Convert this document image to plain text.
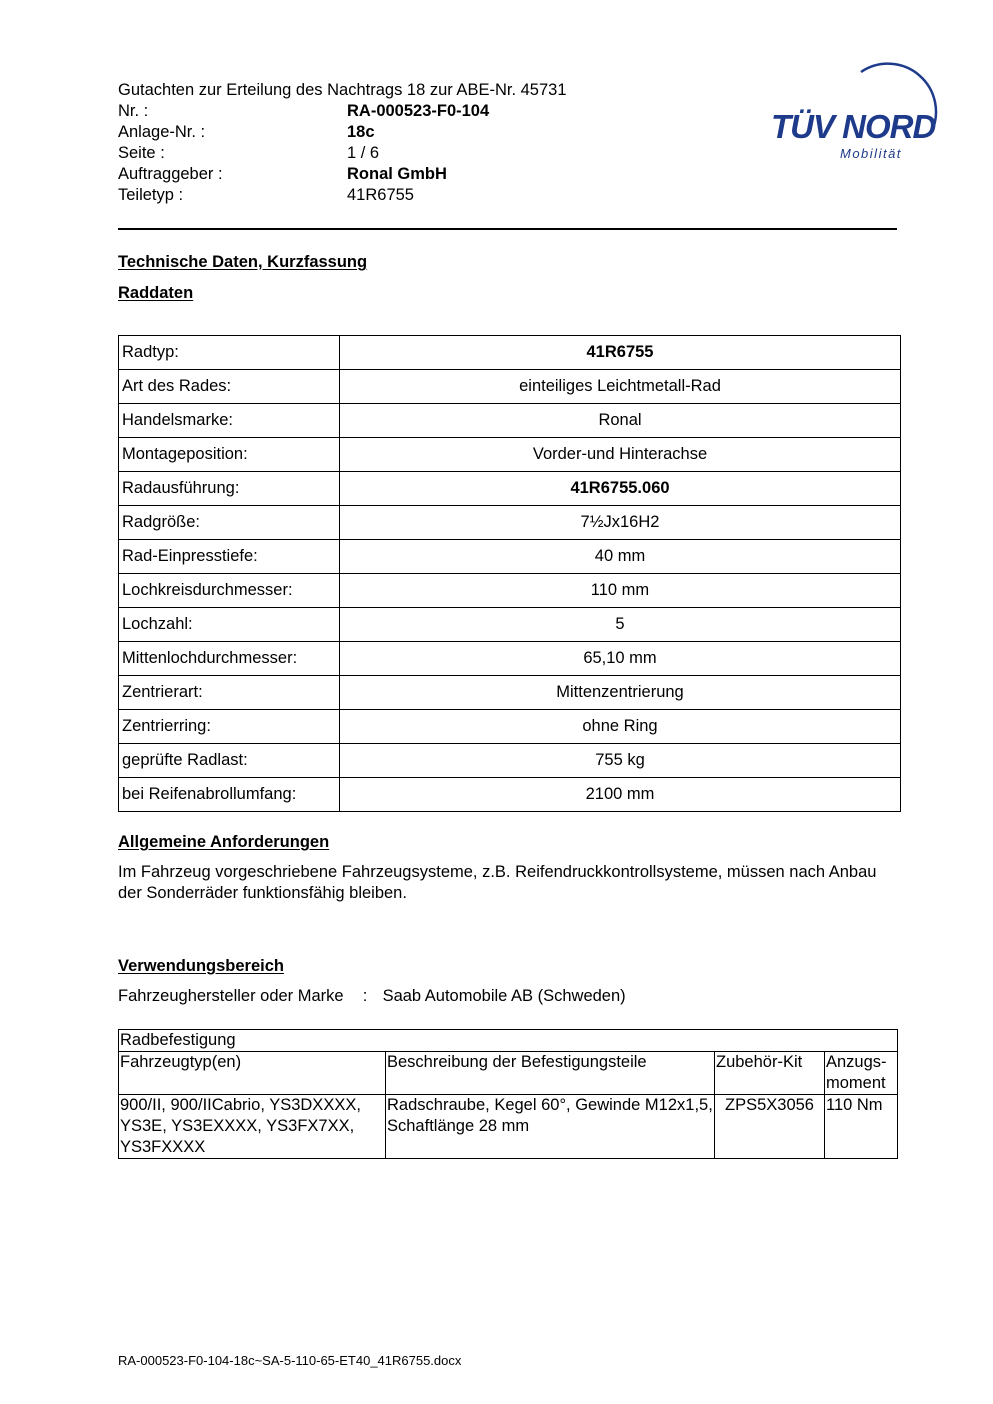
Gutachten zur Erteilung des Nachtrags 18 zur ABE-Nr. 45731
Nr. :	RA-000523-F0-104
Anlage-Nr. :	18c
Seite :	1 / 6
Auftraggeber :	Ronal GmbH
Teiletyp :	41R6755
TÜV NORD
Mobilität
Technische Daten, Kurzfassung
Raddaten
Radtyp:	41R6755
Art des Rades:	einteiliges Leichtmetall-Rad
Handelsmarke:	Ronal
Montageposition:	Vorder-und Hinterachse
Radausführung:	41R6755.060
Radgröße:	7½Jx16H2
Rad-Einpresstiefe:	40 mm
Lochkreisdurchmesser:	110 mm
Lochzahl:	5
Mittenlochdurchmesser:	65,10 mm
Zentrierart:	Mittenzentrierung
Zentrierring:	ohne Ring
geprüfte Radlast:	755 kg
bei Reifenabrollumfang:	2100 mm
Allgemeine Anforderungen

Im Fahrzeug vorgeschriebene Fahrzeugsysteme, z.B. Reifendruckkontrollsysteme, müssen nach Anbau der Sonderräder funktionsfähig bleiben.

Verwendungsbereich
Fahrzeughersteller oder Marke : Saab Automobile AB (Schweden)
Radbefestigung			
Fahrzeugtyp(en)	Beschreibung der Befestigungsteile	Zubehör-Kit	Anzugs-moment
900/II, 900/IICabrio, YS3DXXXX, YS3E, YS3EXXXX, YS3FX7XX, YS3FXXXX	Radschraube, Kegel 60°, Gewinde M12x1,5, Schaftlänge 28 mm	ZPS5X3056	110 Nm
RA-000523-F0-104-18c~SA-5-110-65-ET40_41R6755.docx
